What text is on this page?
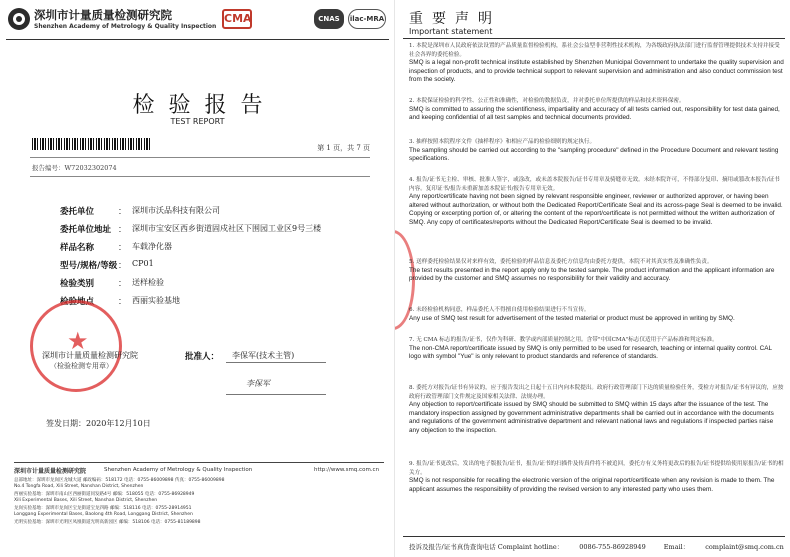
深圳市计量质量检测研究院
Shenzhen Academy of Metrology & Quality Inspection
CMA	CNAS	ilac-MRA
检验报告
TEST REPORT
第 1 页，共 7 页
报告编号：W72032302074
委托单位	： 深圳市沃品科技有限公司
委托单位地址 ： 深圳市宝安区西乡街道固戍社区下围园工业区9号三楼
样品名称	： 车载净化器
型号/规格/等级 ： CP01
检验类别	： 送样检验
检验地点	： 西丽实验基地
★
深圳市计量质量检测研究院
（检验检测专用章）
批准人： 李保军(技术主管)
李保军
签发日期：2020年12月10日
深圳市计量质量检测研究院	Shenzhen Academy of Metrology & Quality Inspection	http://www.smq.com.cn
总部地址：深圳市龙岗区龙城大道 邮政编码：518172 电话：0755-86009898 传真：0755-86009898
No.4 Tongfa Road, Xili Street, Nanshan District, Shenzhen
西丽实验基地：深圳市南山区西丽街道同发路4号 邮编：518055 电话：0755-86928949
Xili Experimental Bases, Xili Street, Nanshan District, Shenzhen
龙岗实验基地：深圳市龙岗区宝龙街道宝龙四路 邮编：518116 电话：0755-28914951
Longgang Experimental Bases, Baolong 4th Road, Longgang District, Shenzhen
光明实验基地：深圳市光明区凤凰街道光明高新园区 邮编：518106 电话：0755-81189898
重要声明
Important statement
1. 本院是深圳市人民政府依法设置的产品质量监督检验机构，系社会公益型非营利性技术机构，为各级政府执法部门进行监督管理提供技术支持并接受社会各界的委托检验。
SMQ is a legal non-profit technical institute established by Shenzhen Municipal Government to undertake the quality supervision and inspection of products, and to provide technical support to relevant supervision and administration and also conduct commission test from the society.
2. 本院保证检验的科学性、公正性和准确性，对检验的数据负责，并对委托单位所提供的样品和技术资料保密。
SMQ is committed to assuring the scientificness, impartiality and accuracy of all tests carried out, responsibility for test data gained, and keeping confidential of all test samples and technical documents provided.
3. 抽样按照本院程序文件《抽样程序》和相应产品的检验细则的规定执行。
The sampling should be carried out according to the "sampling procedure" defined in the Procedure Document and relevant testing specifications.
4. 报告/证书无主检、审核、批准人签字，或涂改，或未盖本院报告/证书专用章及骑缝章无效。未经本院许可，不得部分复印、摘用或篡改本报告/证书内容。复印证书/报告未重新加盖本院证书/报告专用章无效。
Any report/certificate having not been signed by relevant responsible engineer, reviewer or authorized approver, or having been altered without authorization, or without both the Dedicated Report/Certificate Seal and its across-page Seal is deemed to be invalid. Copying or excerpting portion of, or altering the content of the report/certificate is not permitted without the written authorization of SMQ. Any copy of certificates/reports without the Dedicated Report/Certificate Seal is deemed to be invalid.
5. 送样委托检验结果仅对来样有效，委托检验的样品信息及委托方信息均由委托方提供，本院不对其真实性及准确性负责。
The test results presented in the report apply only to the tested sample. The product information and the applicant information are provided by the customer and SMQ assumes no responsibility for their validity and accuracy.
6. 未经检验机构同意，样品委托人不得擅自使用检验结果进行不当宣传。
Any use of SMQ test result for advertisement of the tested material or product must be approved in writing by SMQ.
7. 无 CMA 标志的报告/证书，仅作为科研、教学或内部质量控制之用。含带"中国CMA"标志仅适用于产品标准和判定标准。
The non-CMA report/certificate issued by SMQ is only permitted to be used for research, teaching or internal quality control. CAL logo with symbol "Yue" is only relevant to product standards and reference of standards.
8. 委托方对报告/证书有异议的，应于报告发出之日起十五日内向本院提出。政府行政管理部门下达的质量检验任务，受检方对报告/证书有异议的，应按政府行政管理部门文件规定及国家相关法律、法规办理。
Any objection to report/certificate issued by SMQ should be submitted to SMQ within 15 days after the issuance of the test. The mandatory inspection assigned by government administrative departments shall be carried out in accordance with the documents and regulations of the government administrative department and relevant national laws and regulations if inspected parties raise any objection to the inspection.
9. 报告/证书更改后，发出的电子版报告/证书，报告/证书的扫描件及传真件将不被追回，委托方有义务将更改后的报告/证书提供给使用原报告/证书的相关方。
SMQ is not responsible for recalling the electronic version of the original report/certificate when any revision is made to them. The applicant assumes the responsibility of providing the revised version to any interested party who uses them.
投诉及报告/证书真伪查询电话 Complaint hotline： 0086-755-86928949	Email： complaint@smq.com.cn
